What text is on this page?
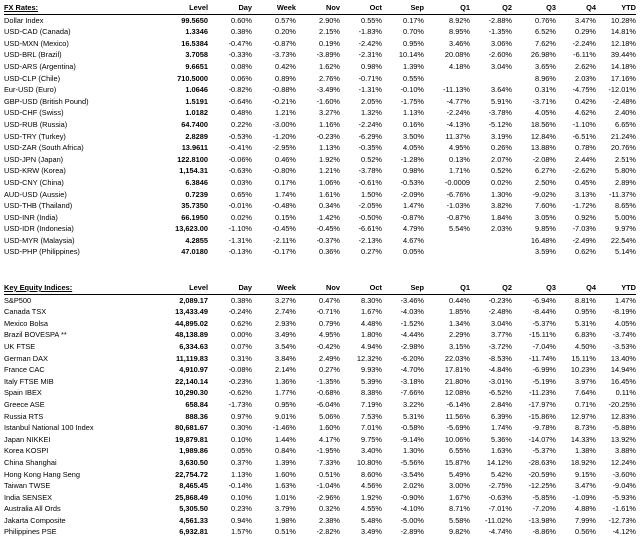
FX Rates:	Level	Day	Week	Nov	Oct	Sep	Q1	Q2	Q3	Q4	YTD
Dollar Index	99.5650	0.60%	0.57%	2.90%	0.55%	0.17%	8.92%	-2.88%	0.76%	3.47%	10.28%
USD-CAD (Canada)	1.3346	0.38%	0.20%	2.15%	-1.83%	0.70%	8.95%	-1.35%	6.52%	0.29%	14.81%
USD-MXN (Mexico)	16.5384	-0.47%	-0.87%	0.19%	-2.42%	0.95%	3.46%	3.06%	7.62%	-2.24%	12.18%
USD-BRL (Brazil)	3.7058	-0.33%	-3.73%	-3.89%	-2.31%	10.14%	20.08%	-2.60%	26.98%	-6.11%	39.44%
USD-ARS (Argentina)	9.6651	0.08%	0.42%	1.62%	0.98%	1.39%	4.18%	3.04%	3.65%	2.62%	14.18%
USD-CLP (Chile)	710.5000	0.06%	0.89%	2.76%	-0.71%	0.55%			8.96%	2.03%	17.16%
Eur-USD (Euro)	1.0646	-0.82%	-0.88%	-3.49%	-1.31%	-0.10%	-11.13%	3.64%	0.31%	-4.75%	-12.01%
GBP-USD (British Pound)	1.5191	-0.64%	-0.21%	-1.60%	2.05%	-1.75%	-4.77%	5.91%	-3.71%	0.42%	-2.48%
USD-CHF (Swiss)	1.0182	0.48%	1.21%	3.27%	1.32%	1.13%	-2.24%	-3.78%	4.05%	4.62%	2.40%
USD-RUB (Russia)	64.7400	0.22%	-3.00%	1.16%	-2.24%	0.16%	-4.13%	-5.12%	18.56%	-1.10%	6.65%
USD-TRY (Turkey)	2.8289	-0.53%	-1.20%	-0.23%	-6.29%	3.50%	11.37%	3.19%	12.84%	-6.51%	21.24%
USD-ZAR (South Africa)	13.9611	-0.41%	-2.95%	1.13%	-0.35%	4.05%	4.95%	0.26%	13.88%	0.78%	20.76%
USD-JPN (Japan)	122.8100	-0.06%	0.46%	1.92%	0.52%	-1.28%	0.13%	2.07%	-2.08%	2.44%	2.51%
USD-KRW (Korea)	1,154.31	-0.63%	-0.80%	1.21%	-3.78%	0.98%	1.71%	0.52%	6.27%	-2.62%	5.80%
USD-CNY (China)	6.3846	0.03%	0.17%	1.06%	-0.61%	-0.53%	-0.0009	0.02%	2.50%	0.45%	2.89%
AUD-USD (Aussie)	0.7239	0.65%	1.74%	1.61%	1.50%	-2.09%	-6.76%	1.30%	-9.02%	3.13%	-11.37%
USD-THB (Thailand)	35.7350	-0.01%	-0.48%	0.34%	-2.05%	1.47%	-1.03%	3.82%	7.60%	-1.72%	8.65%
USD-INR (India)	66.1950	0.02%	0.15%	1.42%	-0.50%	-0.87%	-0.87%	1.84%	3.05%	0.92%	5.00%
USD-IDR (Indonesia)	13,623.00	-1.10%	-0.45%	-0.45%	-6.61%	4.79%	5.54%	2.03%	9.85%	-7.03%	9.97%
USD-MYR (Malaysia)	4.2855	-1.31%	-2.11%	-0.37%	-2.13%	4.67%			16.48%	-2.49%	22.54%
USD-PHP (Philippines)	47.0180	-0.13%	-0.17%	0.36%	0.27%	0.05%			3.59%	0.62%	5.14%
Key Equity Indices:	Level	Day	Week	Nov	Oct	Sep	Q1	Q2	Q3	Q4	YTD
S&P500	2,089.17	0.38%	3.27%	0.47%	8.30%	-3.46%	0.44%	-0.23%	-6.94%	8.81%	1.47%
Canada TSX	13,433.49	-0.24%	2.74%	-0.71%	1.67%	-4.03%	1.85%	-2.48%	-8.44%	0.95%	-8.19%
Mexico Bolsa	44,895.02	0.62%	2.93%	0.79%	4.48%	-1.52%	1.34%	3.04%	-5.37%	5.31%	4.05%
Brazil BOVESPA **	48,138.89	0.00%	3.49%	4.95%	1.80%	-4.44%	2.29%	3.77%	-15.11%	6.83%	-3.74%
UK FTSE	6,334.63	0.07%	3.54%	-0.42%	4.94%	-2.98%	3.15%	-3.72%	-7.04%	4.50%	-3.53%
German DAX	11,119.83	0.31%	3.84%	2.49%	12.32%	-6.20%	22.03%	-8.53%	-11.74%	15.11%	13.40%
France CAC	4,910.97	-0.08%	2.14%	0.27%	9.93%	-4.70%	17.81%	-4.84%	-6.99%	10.23%	14.94%
Italy FTSE MIB	22,140.14	-0.23%	1.36%	-1.35%	5.39%	-3.18%	21.80%	-3.01%	-5.19%	3.97%	16.45%
Spain IBEX	10,290.30	-0.62%	1.77%	-0.68%	8.38%	-7.66%	12.08%	-6.52%	-11.23%	7.64%	0.11%
Greece ASE	658.84	-1.73%	0.95%	-6.04%	7.19%	3.22%	-6.14%	2.84%	-17.97%	0.71%	-20.25%
Russia RTS	888.36	0.97%	9.01%	5.06%	7.53%	5.31%	11.56%	6.39%	-15.86%	12.97%	12.83%
Istanbul National 100 Index	80,681.67	0.30%	-1.46%	1.60%	7.01%	-0.58%	-5.69%	1.74%	-9.78%	8.73%	-5.88%
Japan NIKKEI	19,879.81	0.10%	1.44%	4.17%	9.75%	-9.14%	10.06%	5.36%	-14.07%	14.33%	13.92%
Korea KOSPI	1,989.86	0.05%	0.84%	-1.95%	3.40%	1.30%	6.55%	1.63%	-5.37%	1.38%	3.88%
China Shanghai	3,630.50	0.37%	1.39%	7.33%	10.80%	-5.56%	15.87%	14.12%	-28.63%	18.92%	12.24%
Hong Kong Hang Seng	22,754.72	1.13%	1.60%	0.51%	8.60%	-3.54%	5.49%	5.42%	-20.59%	9.15%	-3.60%
Taiwan TWSE	8,465.45	-0.14%	1.63%	-1.04%	4.56%	2.02%	3.00%	-2.75%	-12.25%	3.47%	-9.04%
India SENSEX	25,868.49	0.10%	1.01%	-2.96%	1.92%	-0.90%	1.67%	-0.63%	-5.85%	-1.09%	-5.93%
Australia All Ords	5,305.50	0.23%	3.79%	0.32%	4.55%	-4.10%	8.71%	-7.01%	-7.20%	4.88%	-1.61%
Jakarta Composite	4,561.33	0.94%	1.98%	2.38%	5.48%	-5.00%	5.58%	-11.02%	-13.98%	7.99%	-12.73%
Philippines PSE	6,932.81	1.57%	0.51%	-2.82%	3.49%	-2.89%	9.82%	-4.74%	-8.86%	0.56%	-4.12%
